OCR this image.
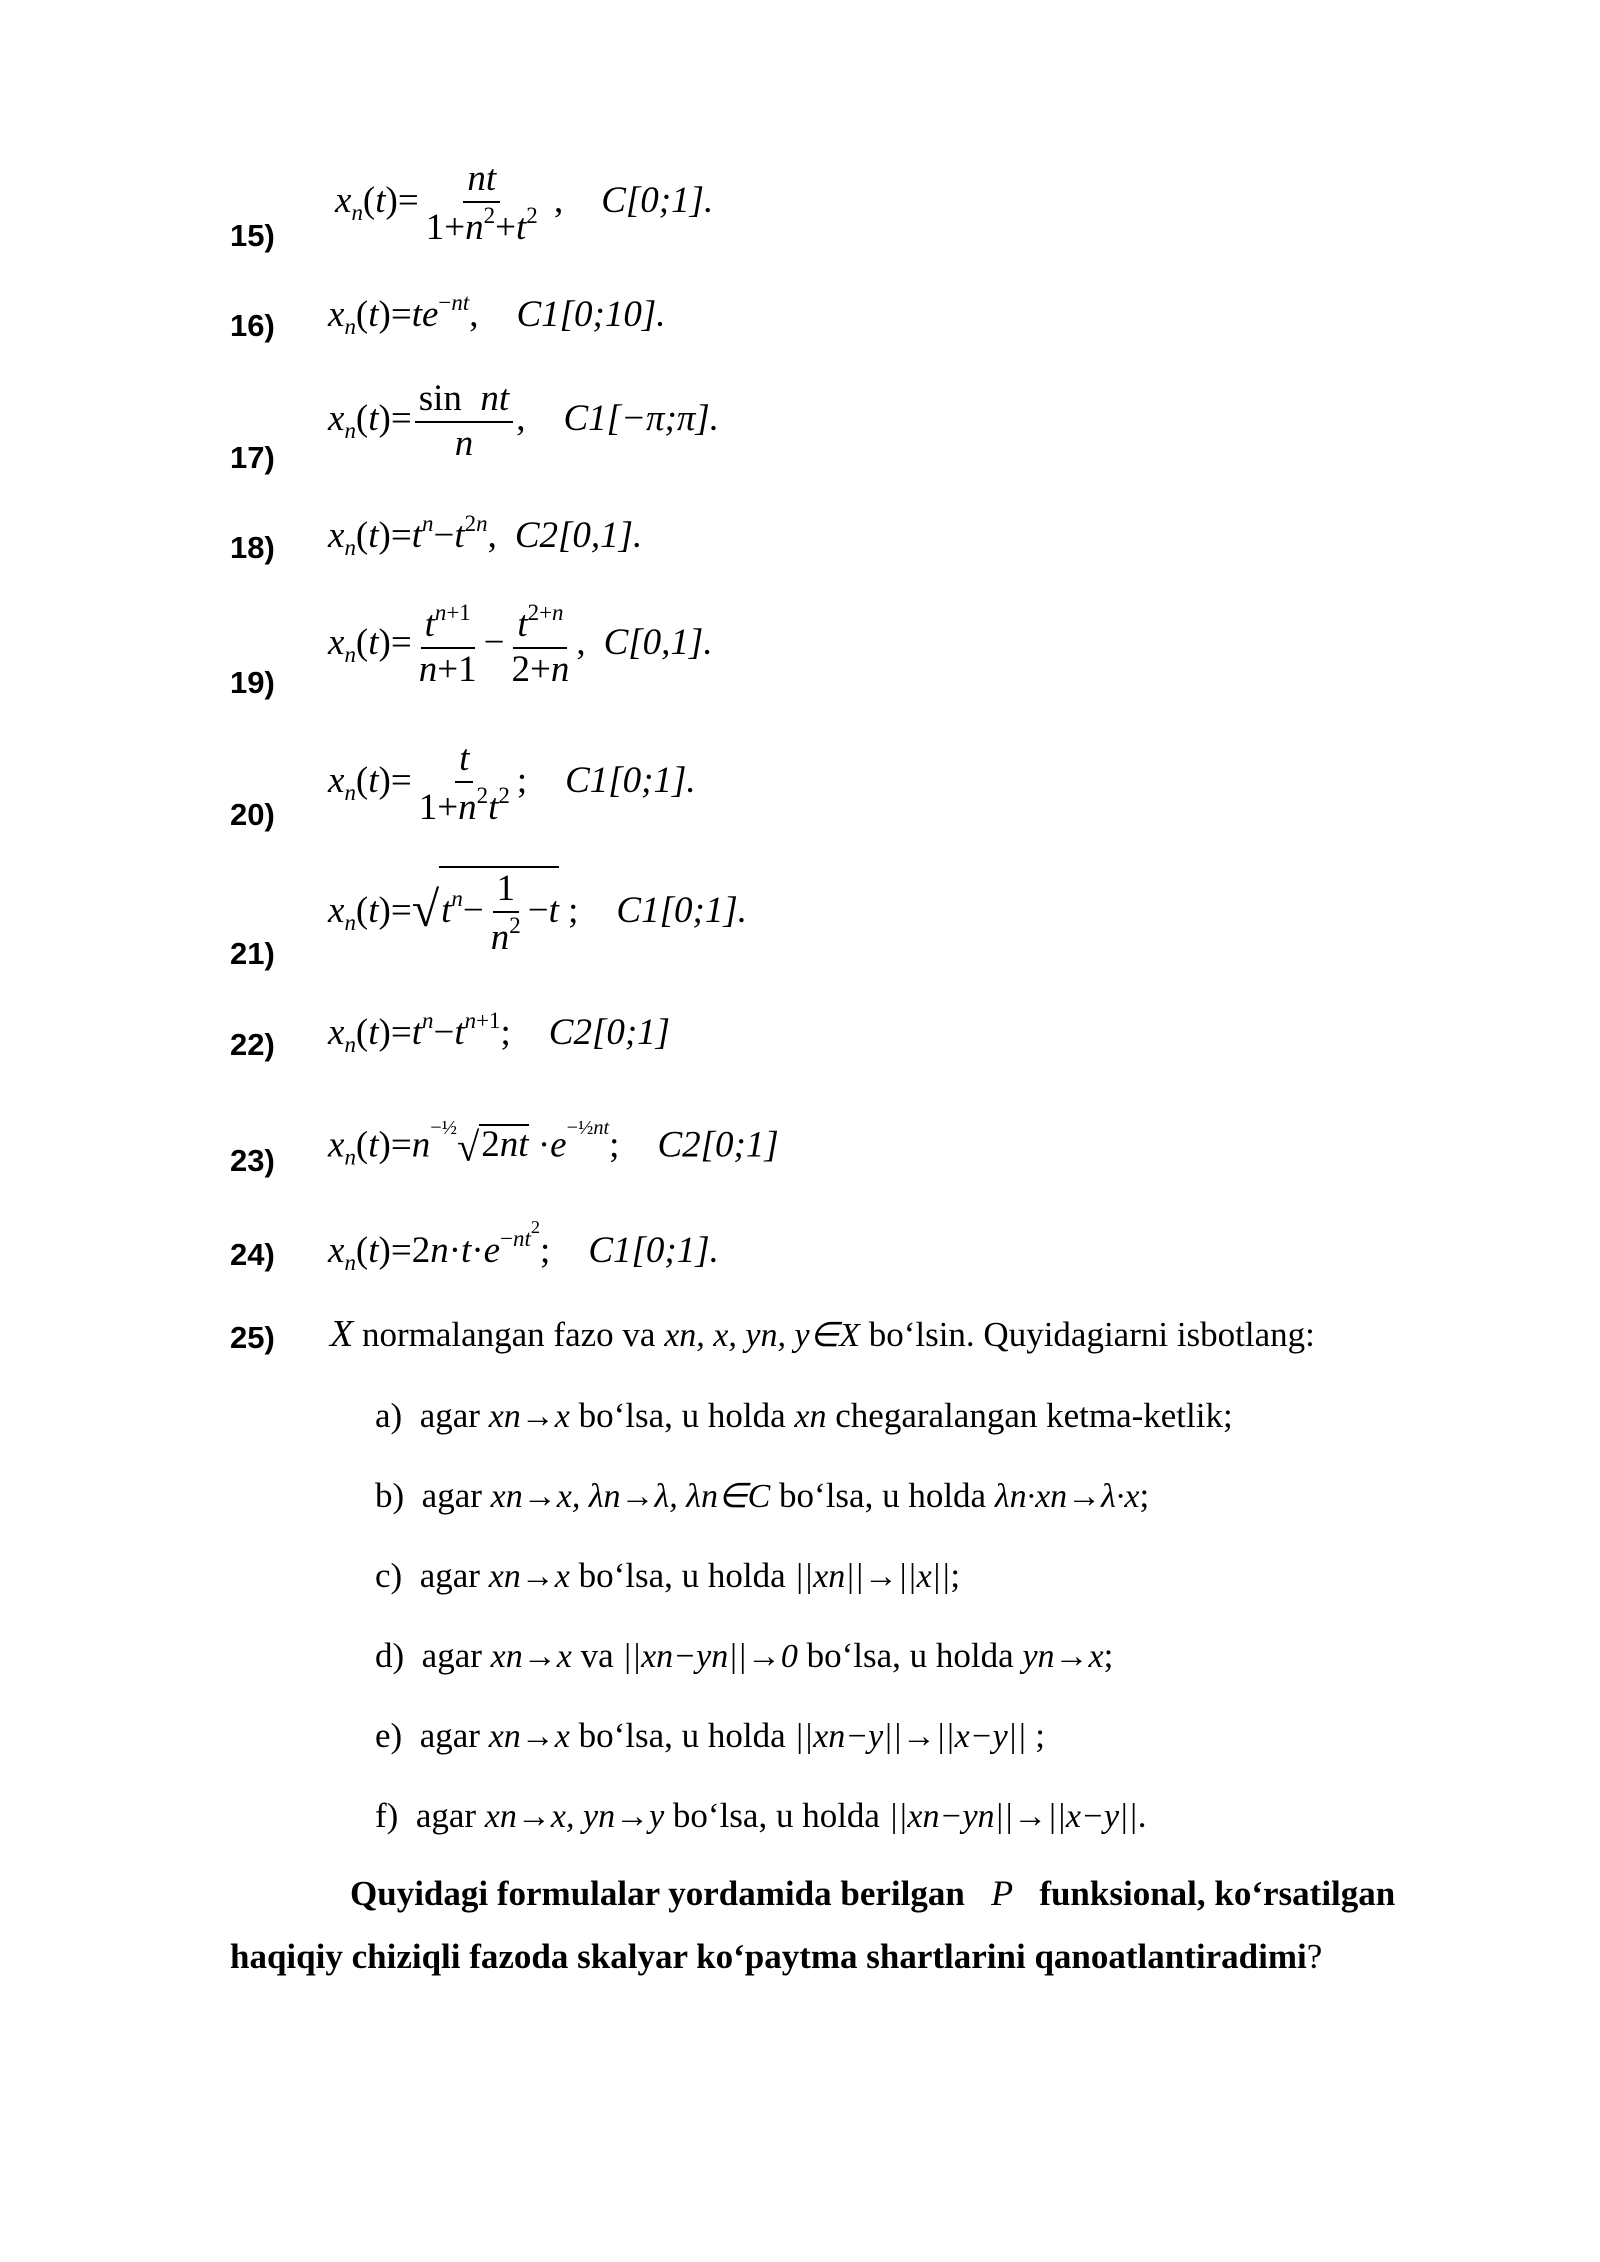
15)
16)
17)
18)
19)
20)
21)
22)
23)
24)
25)
$x_n(t)= \frac{nt}{1+n^2+t^2}$ , C[0;1].
$x_n(t)=te^{-nt}$, C1[0;10].
$x_n(t)= \frac{\text{sin  nt}}{n}$ , C1[−π;π].
$x_n(t)=t^n-t^{2n}$, C2[0,1].
$x_n(t)= \frac{t^{n+1}}{n+1} - \frac{t^{2+n}}{2+n}$ , C[0,1].
$x_n(t)= \frac{t}{1+n^2t^2}$ ; C1[0;1].
$x_n(t)=√t^n- \frac{1}{n^2} -t$ ; C1[0;1].
$x_n(t)=t^n-t^{n+1}$; C2[0;1]
$x_n(t)=n^{-\frac{1}{2}}√2nt \cdot e^{-\frac{1}{2}nt}$; C2[0;1]
$x_n(t)=2n\cdot t\cdot e^{-nt^2}$; C1[0;1].
X normalangan fazo va xn, x, yn, y∈X bo‘lsin. Quyidagiarni isbotlang:
a) agar xn→x bo‘lsa, u holda xn chegaralangan ketma-ketlik;
b) agar xn→x, λn→λ, λn∈C bo‘lsa, u holda λn·xn→λ·x;
c) agar xn→x bo‘lsa, u holda ||xn||→||x||;
d) agar xn→x va ||xn−yn||→0 bo‘lsa, u holda yn→x;
e) agar xn→x bo‘lsa, u holda ||xn−y||→||x−y|| ;
f) agar xn→x, yn→y bo‘lsa, u holda ||xn−yn||→||x−y||.
Quyidagi formulalar yordamida berilgan P funksional, ko‘rsatilgan
haqiqiy chiziqli fazoda skalyar ko‘paytma shartlarini qanoatlantiradimi?
